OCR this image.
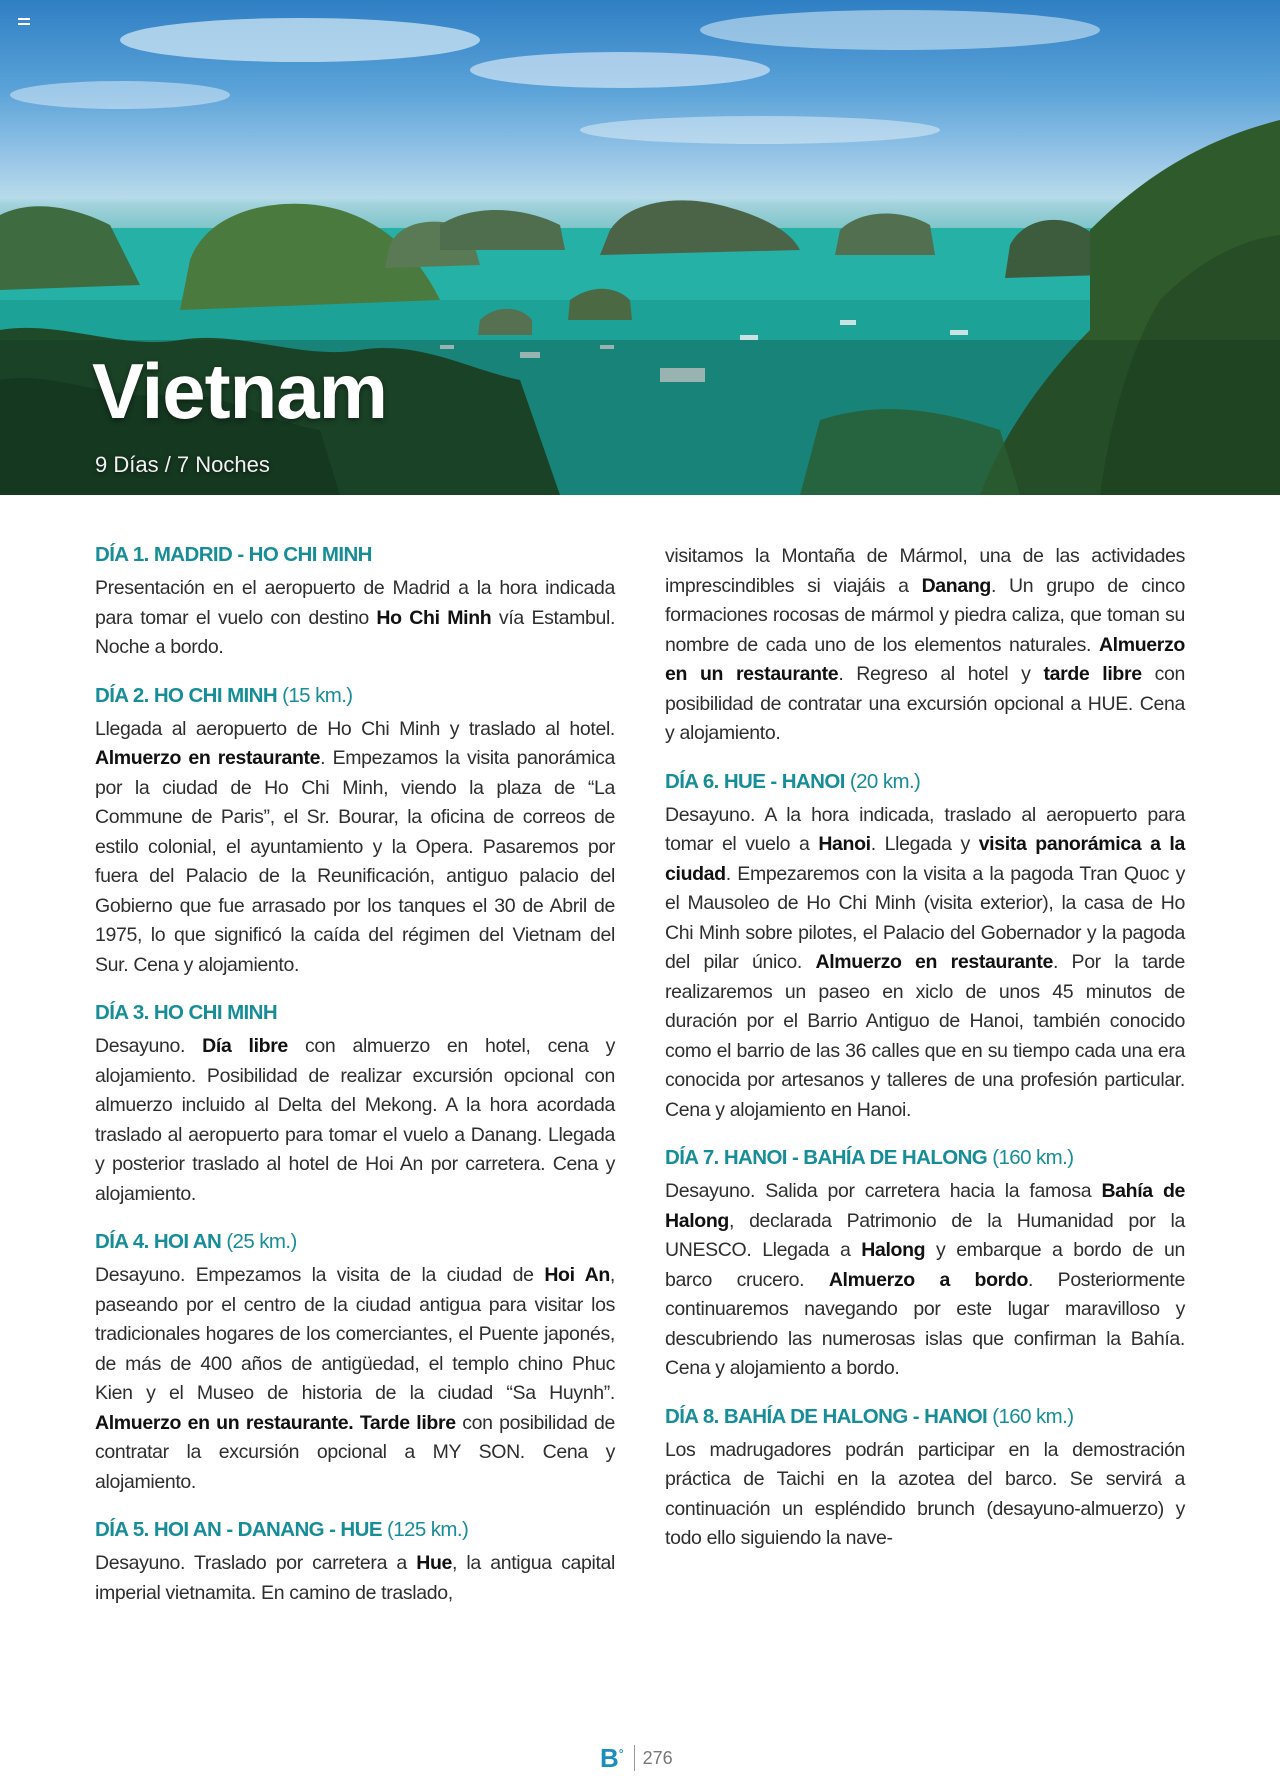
Vietnam
9 Días / 7 Noches
DÍA 1. MADRID - HO CHI MINH

Presentación en el aeropuerto de Madrid a la hora indicada para tomar el vuelo con destino Ho Chi Minh vía Estambul. Noche a bordo.

DÍA 2. HO CHI MINH (15 km.)

Llegada al aeropuerto de Ho Chi Minh y traslado al hotel. Almuerzo en restaurante. Empezamos la visita panorámica por la ciudad de Ho Chi Minh, viendo la plaza de “La Commune de Paris”, el Sr. Bourar, la oficina de correos de estilo colonial, el ayuntamiento y la Opera. Pasaremos por fuera del Palacio de la Reunificación, antiguo palacio del Gobierno que fue arrasado por los tanques el 30 de Abril de 1975, lo que significó la caída del régimen del Vietnam del Sur. Cena y alojamiento.

DÍA 3. HO CHI MINH

Desayuno. Día libre con almuerzo en hotel, cena y alojamiento. Posibilidad de realizar excursión opcional con almuerzo incluido al Delta del Mekong. A la hora acordada traslado al aeropuerto para tomar el vuelo a Danang. Llegada y posterior traslado al hotel de Hoi An por carretera. Cena y alojamiento.

DÍA 4. HOI AN (25 km.)

Desayuno. Empezamos la visita de la ciudad de Hoi An, paseando por el centro de la ciudad antigua para visitar los tradicionales hogares de los comerciantes, el Puente japonés, de más de 400 años de antigüedad, el templo chino Phuc Kien y el Museo de historia de la ciudad “Sa Huynh”. Almuerzo en un restaurante. Tarde libre con posibilidad de contratar la excursión opcional a MY SON. Cena y alojamiento.

DÍA 5. HOI AN - DANANG - HUE (125 km.)

Desayuno. Traslado por carretera a Hue, la antigua capital imperial vietnamita. En camino de traslado,

visitamos la Montaña de Mármol, una de las actividades imprescindibles si viajáis a Danang. Un grupo de cinco formaciones rocosas de mármol y piedra caliza, que toman su nombre de cada uno de los elementos naturales. Almuerzo en un restaurante. Regreso al hotel y tarde libre con posibilidad de contratar una excursión opcional a HUE. Cena y alojamiento.

DÍA 6. HUE - HANOI (20 km.)

Desayuno. A la hora indicada, traslado al aeropuerto para tomar el vuelo a Hanoi. Llegada y visita panorámica a la ciudad. Empezaremos con la visita a la pagoda Tran Quoc y el Mausoleo de Ho Chi Minh (visita exterior), la casa de Ho Chi Minh sobre pilotes, el Palacio del Gobernador y la pagoda del pilar único. Almuerzo en restaurante. Por la tarde realizaremos un paseo en xiclo de unos 45 minutos de duración por el Barrio Antiguo de Hanoi, también conocido como el barrio de las 36 calles que en su tiempo cada una era conocida por artesanos y talleres de una profesión particular. Cena y alojamiento en Hanoi.

DÍA 7. HANOI - BAHÍA DE HALONG (160 km.)

Desayuno. Salida por carretera hacia la famosa Bahía de Halong, declarada Patrimonio de la Humanidad por la UNESCO. Llegada a Halong y embarque a bordo de un barco crucero. Almuerzo a bordo. Posteriormente continuaremos navegando por este lugar maravilloso y descubriendo las numerosas islas que confirman la Bahía. Cena y alojamiento a bordo.

DÍA 8. BAHÍA DE HALONG - HANOI (160 km.)

Los madrugadores podrán participar en la demostración práctica de Taichi en la azotea del barco. Se servirá a continuación un espléndido brunch (desayuno-almuerzo) y todo ello siguiendo la nave-

B° 276
